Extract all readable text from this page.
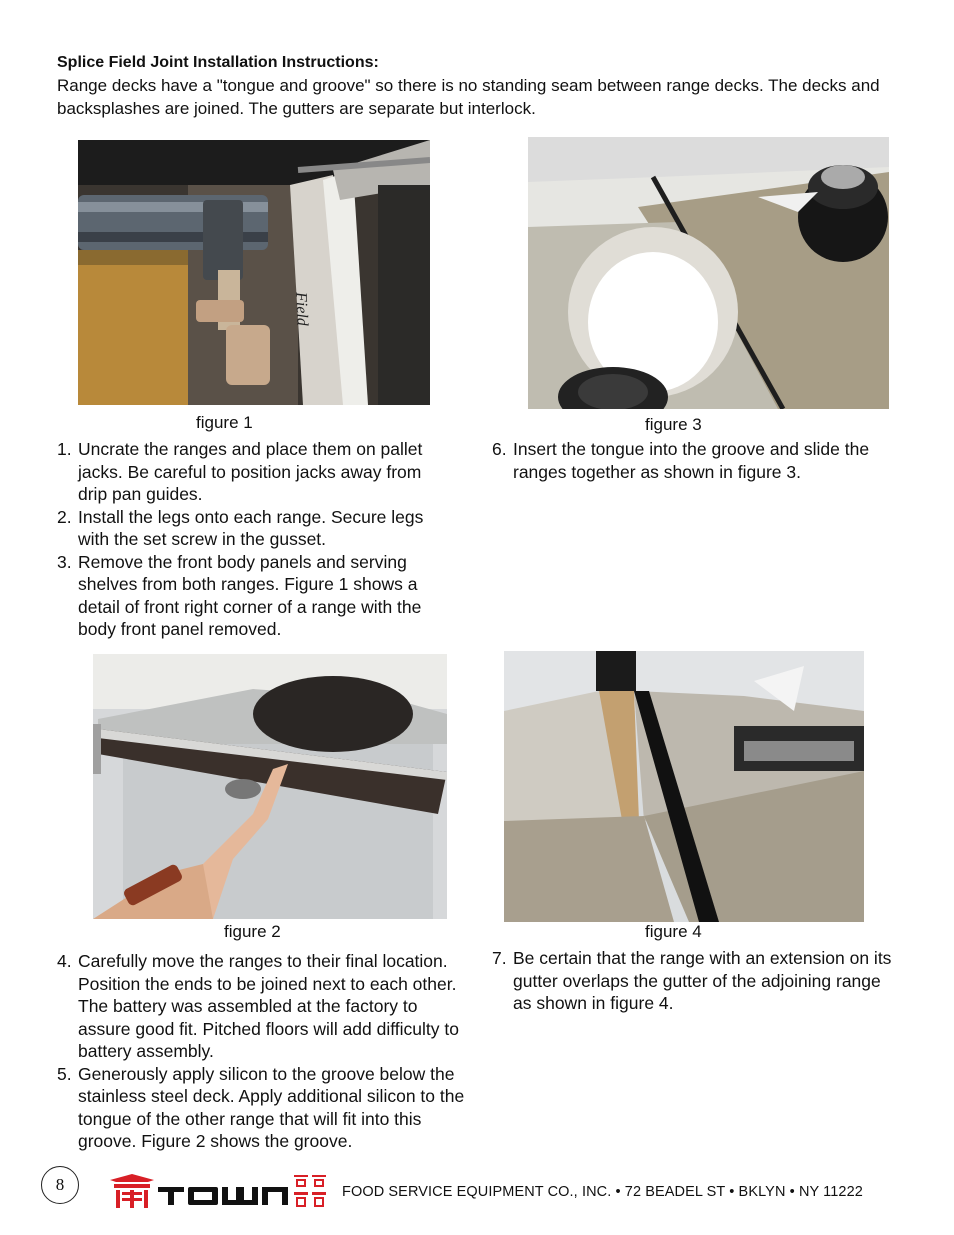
Splice Field Joint Installation Instructions:
Range decks have a "tongue and groove" so there is no standing seam between range decks. The decks and backsplashes are joined. The gutters are separate but interlock.
Field
figure 1	figure 3
1. Uncrate the ranges and place them on pallet jacks. Be careful to position jacks away from drip pan guides.
2. Install the legs onto each range. Secure legs with the set screw in the gusset.
3. Remove the front body panels and serving shelves from both ranges. Figure 1 shows a detail of front right corner of a range with the body front panel removed.
6. Insert the tongue into the groove and slide the ranges together as shown in figure 3.
figure 2	figure 4
4. Carefully move the ranges to their final location. Position the ends to be joined next to each other. The battery was assembled at the factory to assure good fit. Pitched floors will add difficulty to battery assembly.
5. Generously apply silicon to the groove below the stainless steel deck. Apply additional silicon to the tongue of the other range that will fit into this groove. Figure 2 shows the groove.
7. Be certain that the range with an extension on its gutter overlaps the gutter of the adjoining range as shown in figure 4.
8	FOOD SERVICE EQUIPMENT CO., INC. • 72 BEADEL ST • BKLYN • NY 11222
